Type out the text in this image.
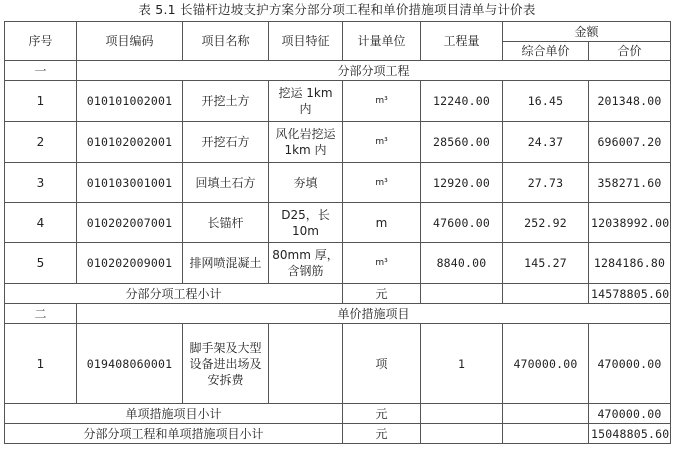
表 5.1 长锚杆边坡支护方案分部分项工程和单价措施项目清单与计价表
序号	项目编码	项目名称	项目特征	计量单位	工程量	金额	
						综合单价	合价
一	分部分项工程						
1	010101002001	开挖土方	挖运 1km 内	m³	12240.00	16.45	201348.00
2	010102002001	开挖石方	风化岩挖运 1km 内	m³	28560.00	24.37	696007.20
3	010103001001	回填土石方	夯填	m³	12920.00	27.73	358271.60
4	010202007001	长锚杆	D25，长 10m	m	47600.00	252.92	12038992.00
5	010202009001	排网喷混凝土	80mm 厚，含钢筋	m³	8840.00	145.27	1284186.80
分部分项工程小计				元			14578805.60
二	单价措施项目						
1	019408060001	脚手架及大型设备进出场及安拆费		项	1	470000.00	470000.00
单项措施项目小计				元			470000.00
分部分项工程和单项措施项目小计				元			15048805.60
